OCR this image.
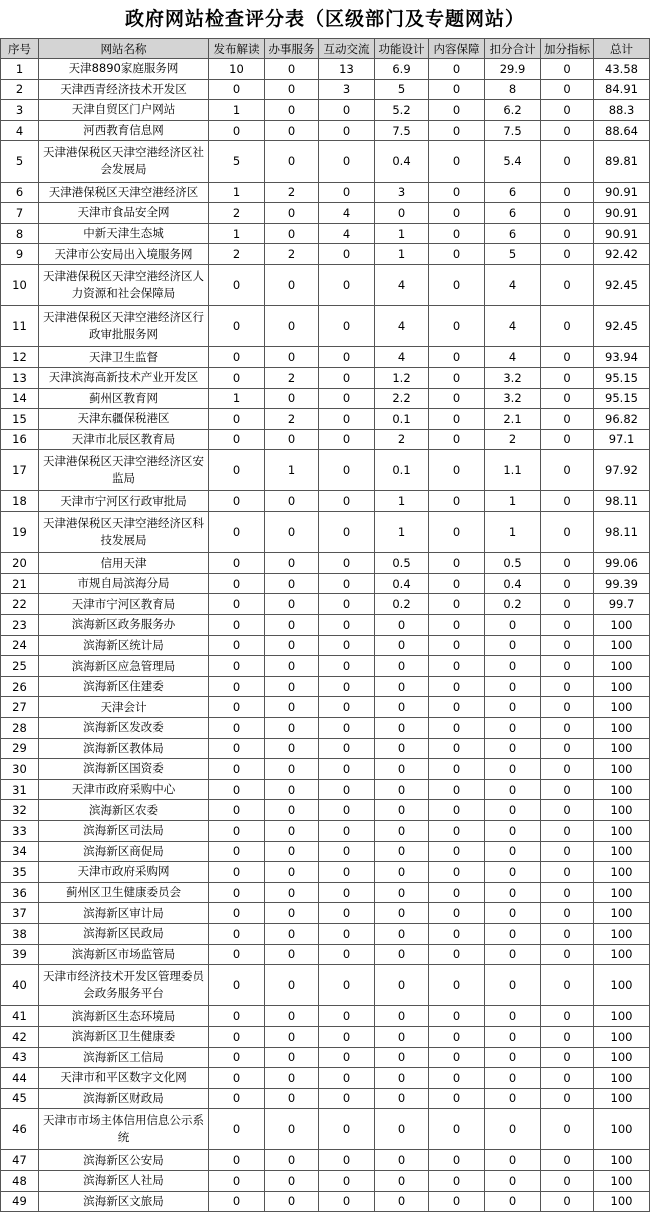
政府网站检查评分表（区级部门及专题网站）
序号	网站名称	发布解读	办事服务	互动交流	功能设计	内容保障	扣分合计	加分指标	总计
1	天津8890家庭服务网	10	0	13	6.9	0	29.9	0	43.58
2	天津西青经济技术开发区	0	0	3	5	0	8	0	84.91
3	天津自贸区门户网站	1	0	0	5.2	0	6.2	0	88.3
4	河西教育信息网	0	0	0	7.5	0	7.5	0	88.64
5	天津港保税区天津空港经济区社会发展局	5	0	0	0.4	0	5.4	0	89.81
6	天津港保税区天津空港经济区	1	2	0	3	0	6	0	90.91
7	天津市食品安全网	2	0	4	0	0	6	0	90.91
8	中新天津生态城	1	0	4	1	0	6	0	90.91
9	天津市公安局出入境服务网	2	2	0	1	0	5	0	92.42
10	天津港保税区天津空港经济区人力资源和社会保障局	0	0	0	4	0	4	0	92.45
11	天津港保税区天津空港经济区行政审批服务网	0	0	0	4	0	4	0	92.45
12	天津卫生监督	0	0	0	4	0	4	0	93.94
13	天津滨海高新技术产业开发区	0	2	0	1.2	0	3.2	0	95.15
14	蓟州区教育网	1	0	0	2.2	0	3.2	0	95.15
15	天津东疆保税港区	0	2	0	0.1	0	2.1	0	96.82
16	天津市北辰区教育局	0	0	0	2	0	2	0	97.1
17	天津港保税区天津空港经济区安监局	0	1	0	0.1	0	1.1	0	97.92
18	天津市宁河区行政审批局	0	0	0	1	0	1	0	98.11
19	天津港保税区天津空港经济区科技发展局	0	0	0	1	0	1	0	98.11
20	信用天津	0	0	0	0.5	0	0.5	0	99.06
21	市规自局滨海分局	0	0	0	0.4	0	0.4	0	99.39
22	天津市宁河区教育局	0	0	0	0.2	0	0.2	0	99.7
23	滨海新区政务服务办	0	0	0	0	0	0	0	100
24	滨海新区统计局	0	0	0	0	0	0	0	100
25	滨海新区应急管理局	0	0	0	0	0	0	0	100
26	滨海新区住建委	0	0	0	0	0	0	0	100
27	天津会计	0	0	0	0	0	0	0	100
28	滨海新区发改委	0	0	0	0	0	0	0	100
29	滨海新区教体局	0	0	0	0	0	0	0	100
30	滨海新区国资委	0	0	0	0	0	0	0	100
31	天津市政府采购中心	0	0	0	0	0	0	0	100
32	滨海新区农委	0	0	0	0	0	0	0	100
33	滨海新区司法局	0	0	0	0	0	0	0	100
34	滨海新区商促局	0	0	0	0	0	0	0	100
35	天津市政府采购网	0	0	0	0	0	0	0	100
36	蓟州区卫生健康委员会	0	0	0	0	0	0	0	100
37	滨海新区审计局	0	0	0	0	0	0	0	100
38	滨海新区民政局	0	0	0	0	0	0	0	100
39	滨海新区市场监管局	0	0	0	0	0	0	0	100
40	天津市经济技术开发区管理委员会政务服务平台	0	0	0	0	0	0	0	100
41	滨海新区生态环境局	0	0	0	0	0	0	0	100
42	滨海新区卫生健康委	0	0	0	0	0	0	0	100
43	滨海新区工信局	0	0	0	0	0	0	0	100
44	天津市和平区数字文化网	0	0	0	0	0	0	0	100
45	滨海新区财政局	0	0	0	0	0	0	0	100
46	天津市市场主体信用信息公示系统	0	0	0	0	0	0	0	100
47	滨海新区公安局	0	0	0	0	0	0	0	100
48	滨海新区人社局	0	0	0	0	0	0	0	100
49	滨海新区文旅局	0	0	0	0	0	0	0	100
